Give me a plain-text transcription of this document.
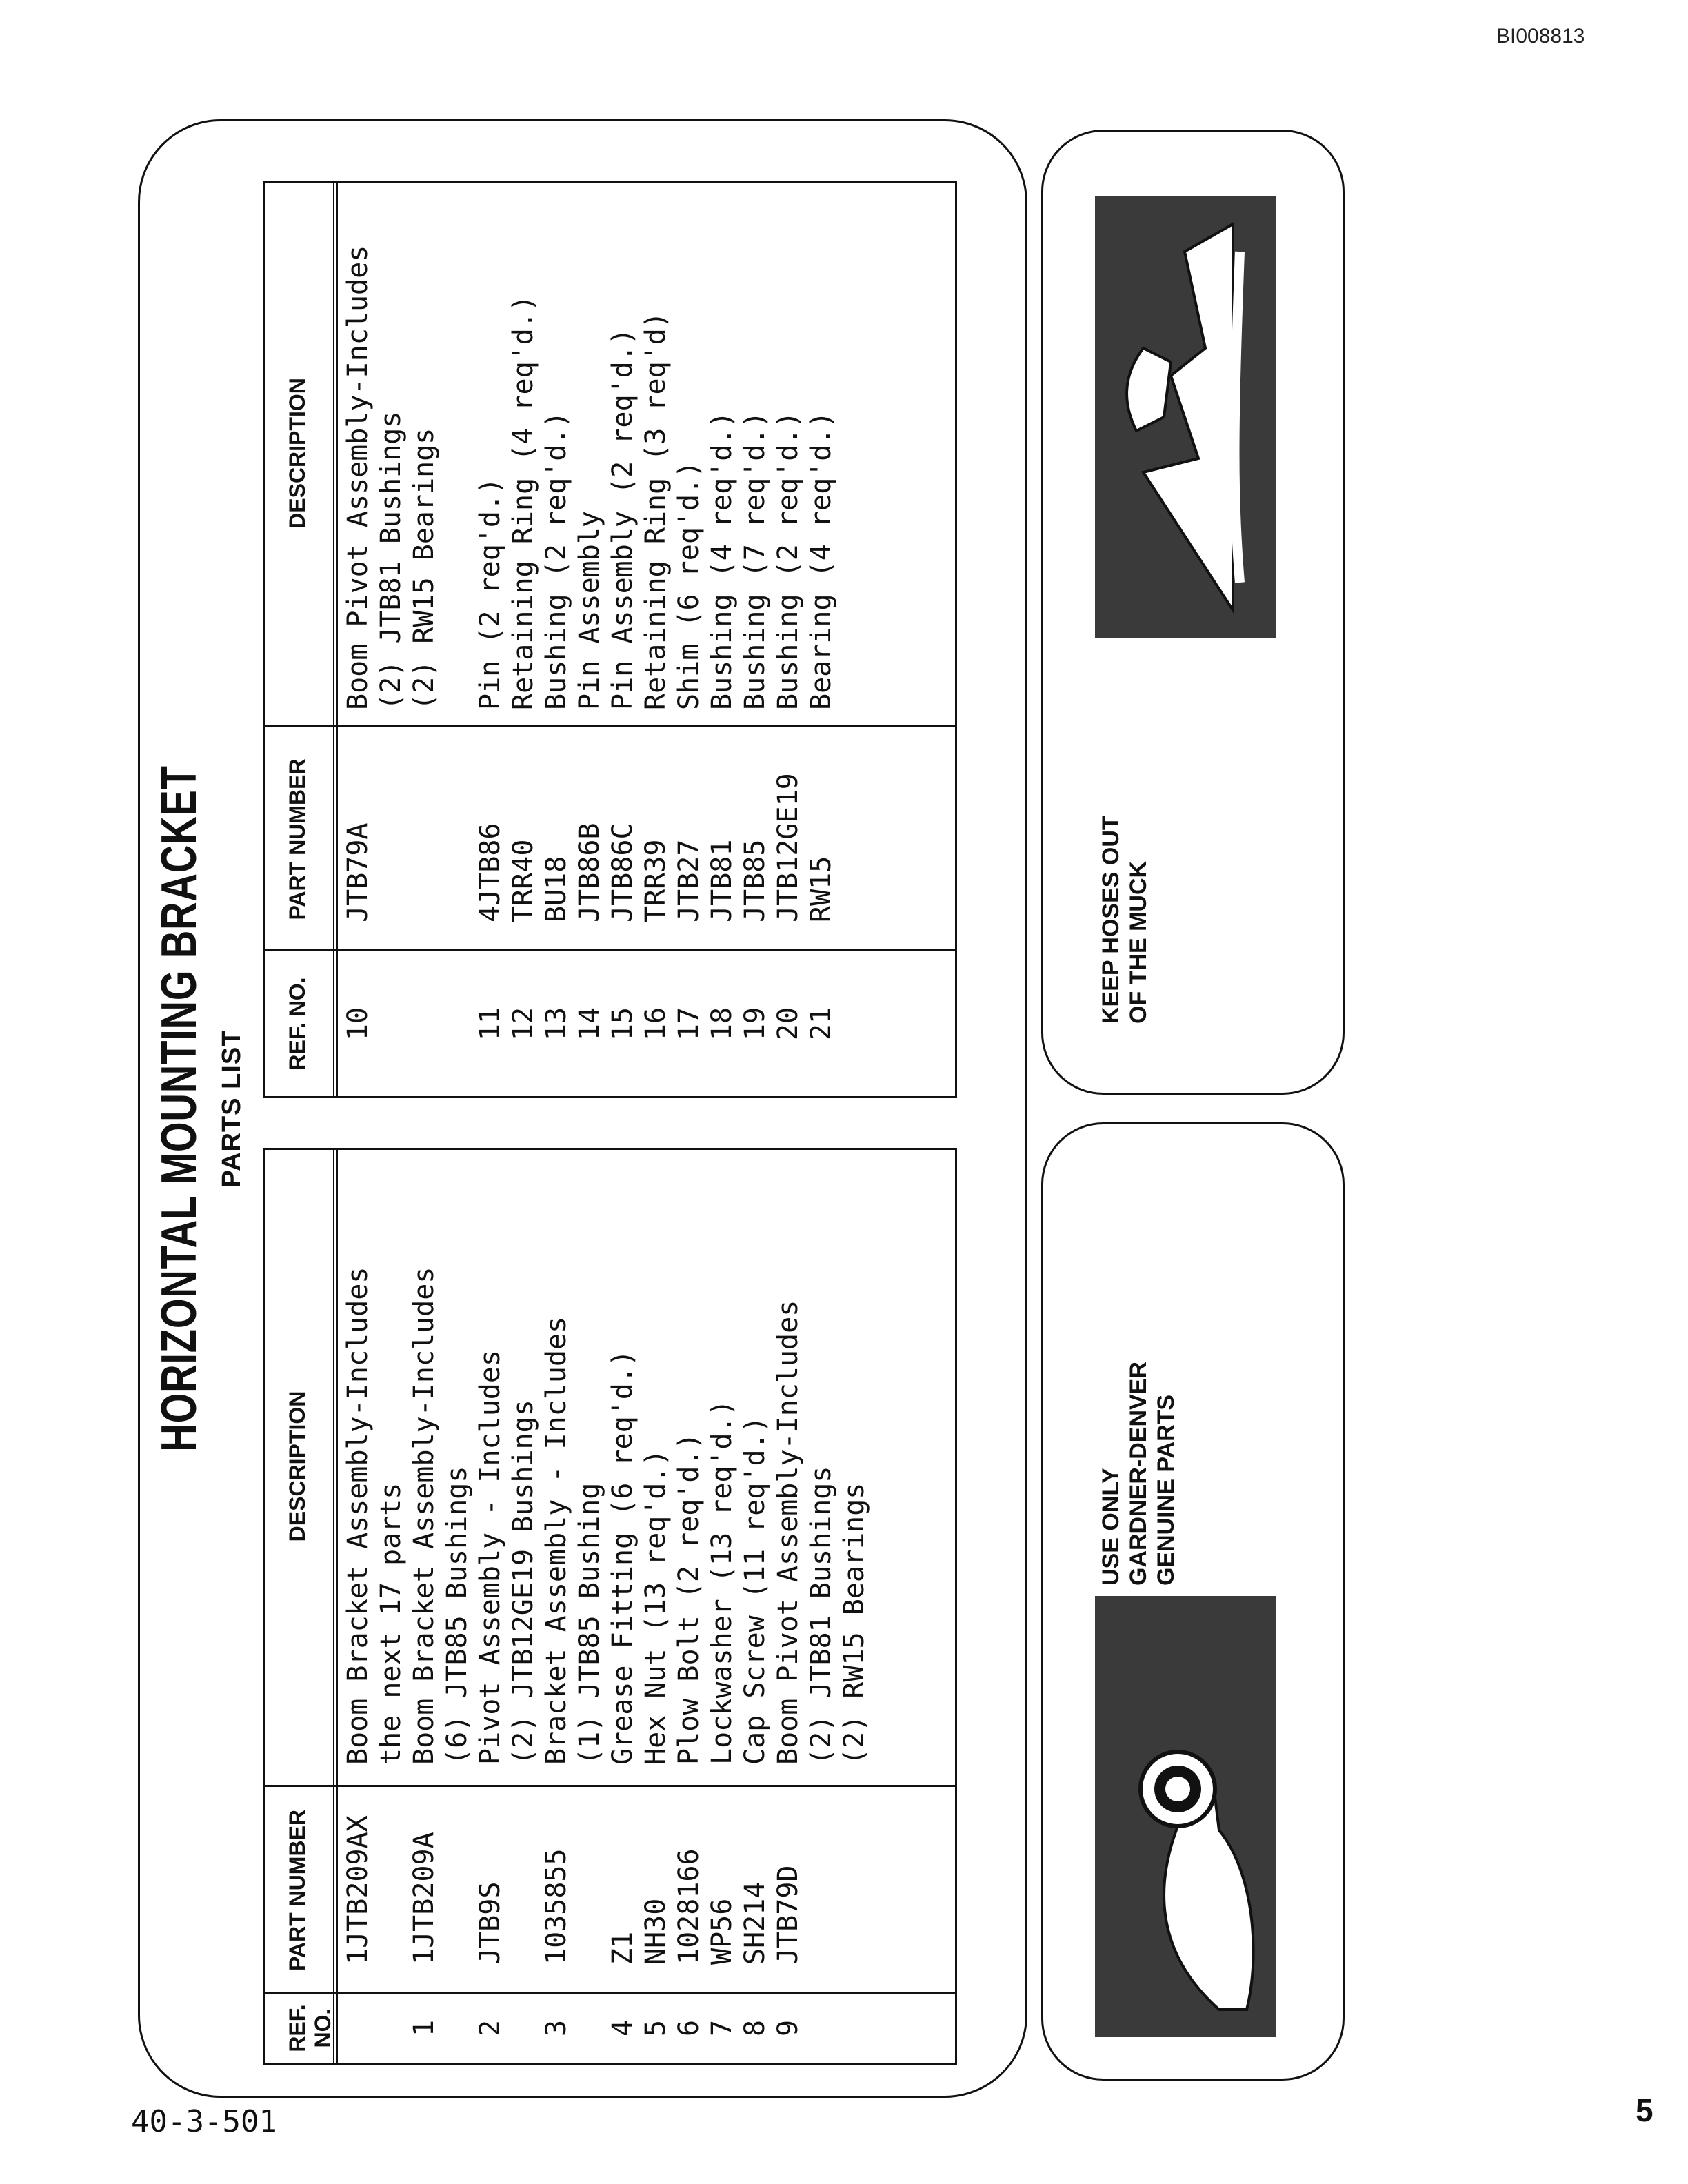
BI008813
40-3-501	5
HORIZONTAL MOUNTING BRACKET PARTS LIST
REF. NO.
PART NUMBER
DESCRIPTION
1JTB209AX
Boom Bracket Assembly-Includes the next 17 parts
1
1JTB209A
Boom Bracket Assembly-Includes (6) JTB85 Bushings
2
JTB9S
Pivot Assembly - Includes (2) JTB12GE19 Bushings
3
1035855
Bracket Assembly - Includes (1) JTB85 Bushing
4
Z1
Grease Fitting (6 req'd.)
5
NH30
Hex Nut (13 req'd.)
6
1028166
Plow Bolt (2 req'd.)
7
WP56
Lockwasher (13 req'd.)
8
SH214
Cap Screw (11 req'd.)
9
JTB79D
Boom Pivot Assembly-Includes (2) JTB81 Bushings (2) RW15 Bearings
REF. NO.
PART NUMBER
DESCRIPTION
10
JTB79A
Boom Pivot Assembly-Includes (2) JTB81 Bushings (2) RW15 Bearings
11
4JTB86
Pin (2 req'd.)
12
TRR40
Retaining Ring (4 req'd.)
13
BU18
Bushing (2 req'd.)
14
JTB86B
Pin Assembly
15
JTB86C
Pin Assembly (2 req'd.)
16
TRR39
Retaining Ring (3 req'd)
17
JTB27
Shim (6 req'd.)
18
JTB81
Bushing (4 req'd.)
19
JTB85
Bushing (7 req'd.)
20
JTB12GE19
Bushing (2 req'd.)
21
RW15
Bearing (4 req'd.)
USE ONLY GARDNER-DENVER GENUINE PARTS
KEEP HOSES OUT OF THE MUCK
